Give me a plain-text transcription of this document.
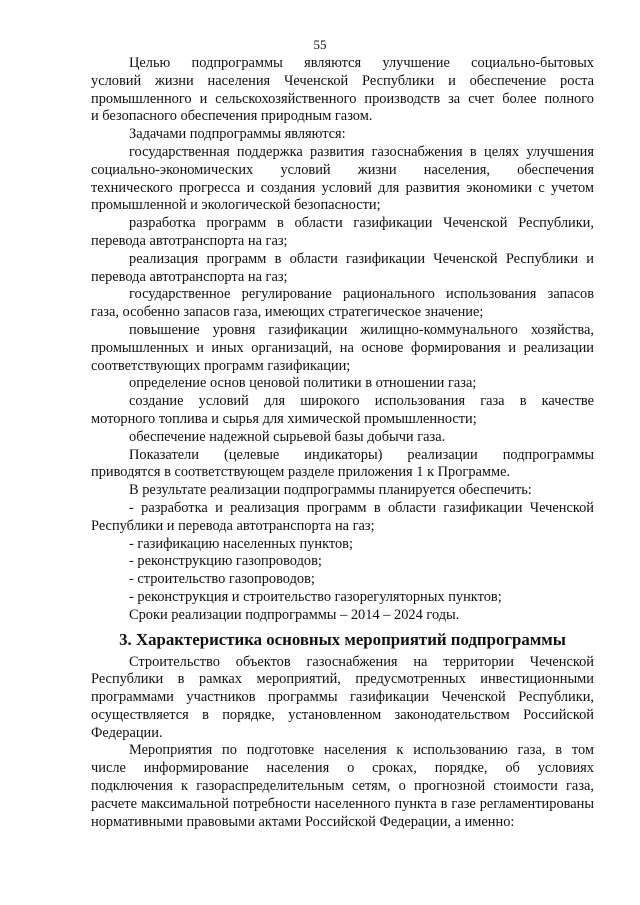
55

Целью подпрограммы являются улучшение социально-бытовых
условий жизни населения Чеченской Республики и обеспечение роста
промышленного и сельскохозяйственного производств за счет более полного
и безопасного обеспечения природным газом.

Задачами подпрограммы являются:

государственная поддержка развития газоснабжения в целях улучшения
социально-экономических условий жизни населения, обеспечения
технического прогресса и создания условий для развития экономики с учетом
промышленной и экологической безопасности;

разработка программ в области газификации Чеченской Республики,
перевода автотранспорта на газ;

реализация программ в области газификации Чеченской Республики и
перевода автотранспорта на газ;

государственное регулирование рационального использования запасов
газа, особенно запасов газа, имеющих стратегическое значение;

повышение уровня газификации жилищно-коммунального хозяйства,
промышленных и иных организаций, на основе формирования и реализации
соответствующих программ газификации;

определение основ ценовой политики в отношении газа;

создание условий для широкого использования газа в качестве
моторного топлива и сырья для химической промышленности;

обеспечение надежной сырьевой базы добычи газа.

Показатели (целевые индикаторы) реализации подпрограммы
приводятся в соответствующем разделе приложения 1 к Программе.

В результате реализации подпрограммы планируется обеспечить:

- разработка и реализация программ в области газификации Чеченской
Республики и перевода автотранспорта на газ;

- газификацию населенных пунктов;

- реконструкцию газопроводов;

- строительство газопроводов;

- реконструкция и строительство газорегуляторных пунктов;

Сроки реализации подпрограммы – 2014 – 2024 годы.

3. Характеристика основных мероприятий подпрограммы

Строительство объектов газоснабжения на территории Чеченской
Республики в рамках мероприятий, предусмотренных инвестиционными
программами участников программы газификации Чеченской Республики,
осуществляется в порядке, установленном законодательством Российской
Федерации.

Мероприятия по подготовке населения к использованию газа, в том
числе информирование населения о сроках, порядке, об условиях
подключения к газораспределительным сетям, о прогнозной стоимости газа,
расчете максимальной потребности населенного пункта в газе регламентированы
нормативными правовыми актами Российской Федерации, а именно:
